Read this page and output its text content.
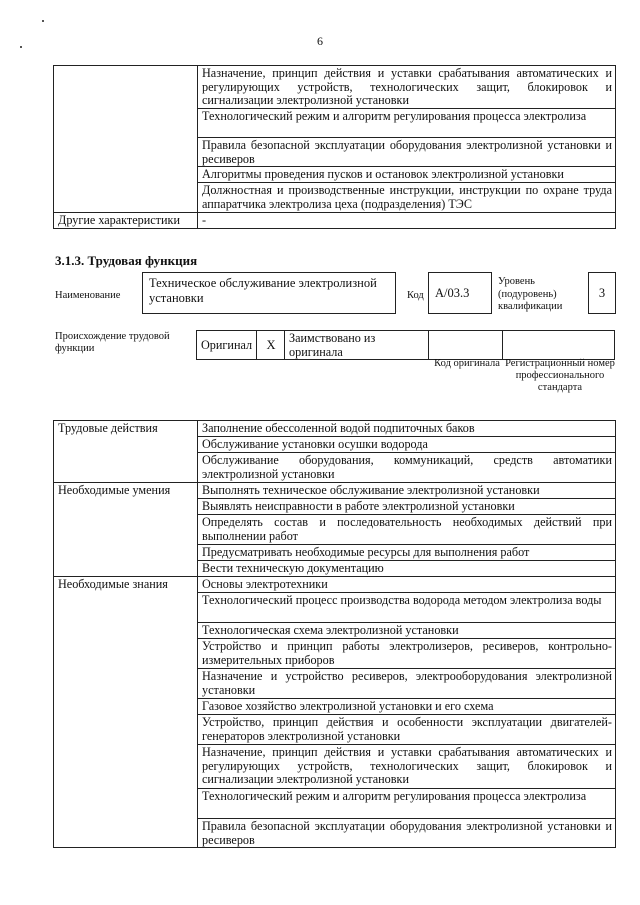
6
	Назначение, принцип действия и уставки срабатывания автоматических и регулирующих устройств, технологических защит, блокировок и сигнализации электролизной установки
	Технологический режим и алгоритм регулирования процесса электролиза
	Правила безопасной эксплуатации оборудования электролизной установки и ресиверов
	Алгоритмы проведения пусков и остановок электролизной установки
	Должностная и производственные инструкции, инструкции по охране труда аппаратчика электролиза цеха (подразделения) ТЭС
Другие характеристики	-
3.1.3. Трудовая функция
Наименование
Техническое обслуживание электролизной установки	Код A/03.3
Уровень (подуровень) квалификации
3
Происхождение трудовой функции	Оригинал	X	Заимствовано из оригинала		
Код оригинала Регистрационный номер профессионального стандарта
Трудовые действия	Заполнение обессоленной водой подпиточных баков
	Обслуживание установки осушки водорода
	Обслуживание оборудования, коммуникаций, средств автоматики электролизной установки
Необходимые умения	Выполнять техническое обслуживание электролизной установки
	Выявлять неисправности в работе электролизной установки
	Определять состав и последовательность необходимых действий при выполнении работ
	Предусматривать необходимые ресурсы для выполнения работ
	Вести техническую документацию
Необходимые знания	Основы электротехники
	Технологический процесс производства водорода методом электролиза воды
	Технологическая схема электролизной установки
	Устройство и принцип работы электролизеров, ресиверов, контрольно-измерительных приборов
	Назначение и устройство ресиверов, электрооборудования электролизной установки
	Газовое хозяйство электролизной установки и его схема
	Устройство, принцип действия и особенности эксплуатации двигателей-генераторов электролизной установки
	Назначение, принцип действия и уставки срабатывания автоматических и регулирующих устройств, технологических защит, блокировок и сигнализации электролизной установки
	Технологический режим и алгоритм регулирования процесса электролиза
	Правила безопасной эксплуатации оборудования электролизной установки и ресиверов
